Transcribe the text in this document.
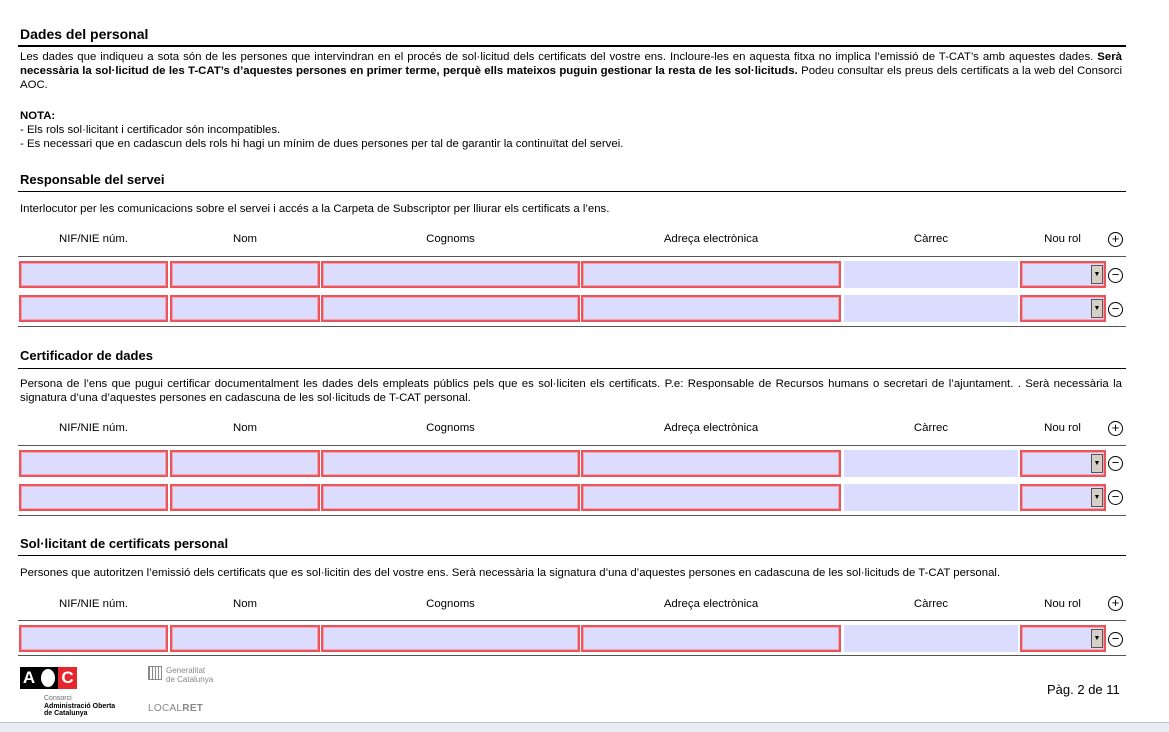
Dades del personal
Les dades que indiqueu a sota són de les persones que intervindran en el procés de sol·licitud dels certificats del vostre ens. Incloure-les en aquesta fitxa no implica l’emissió de T-CAT’s amb aquestes dades. Serà necessària la sol·licitud de les T-CAT’s d’aquestes persones en primer terme, perquè ells mateixos puguin gestionar la resta de les sol·licituds. Podeu consultar els preus dels certificats a la web del Consorci AOC.
NOTA:
- Els rols sol·licitant i certificador són incompatibles.
- Es necessari que en cadascun dels rols hi hagi un mínim de dues persones per tal de garantir la continuïtat del servei.
Responsable del servei
Interlocutor per les comunicacions sobre el servei i accés a la Carpeta de Subscriptor per lliurar els certificats a l’ens.
NIF/NIE núm.	Nom	Cognoms	Adreça electrònica	Càrrec	Nou rol	+
▼ −
▼ −
Certificador de dades
Persona de l’ens que pugui certificar documentalment les dades dels empleats públics pels que es sol·liciten els certificats. P.e: Responsable de Recursos humans o secretari de l’ajuntament. . Serà necessària la signatura d’una d’aquestes persones en cadascuna de les sol·licituds de T-CAT personal.
NIF/NIE núm.	Nom	Cognoms	Adreça electrònica	Càrrec	Nou rol	+
▼ −
▼ −
Sol·licitant de certificats personal
Persones que autoritzen l’emissió dels certificats que es sol·licitin des del vostre ens. Serà necessària la signatura d’una d’aquestes persones en cadascuna de les sol·licituds de T-CAT personal.
NIF/NIE núm.	Nom	Cognoms	Adreça electrònica	Càrrec	Nou rol	+
▼ −
A C
Consorci
Administració Oberta
de Catalunya
Generalitat
de Catalunya
LOCALRET
Pàg. 2 de 11
